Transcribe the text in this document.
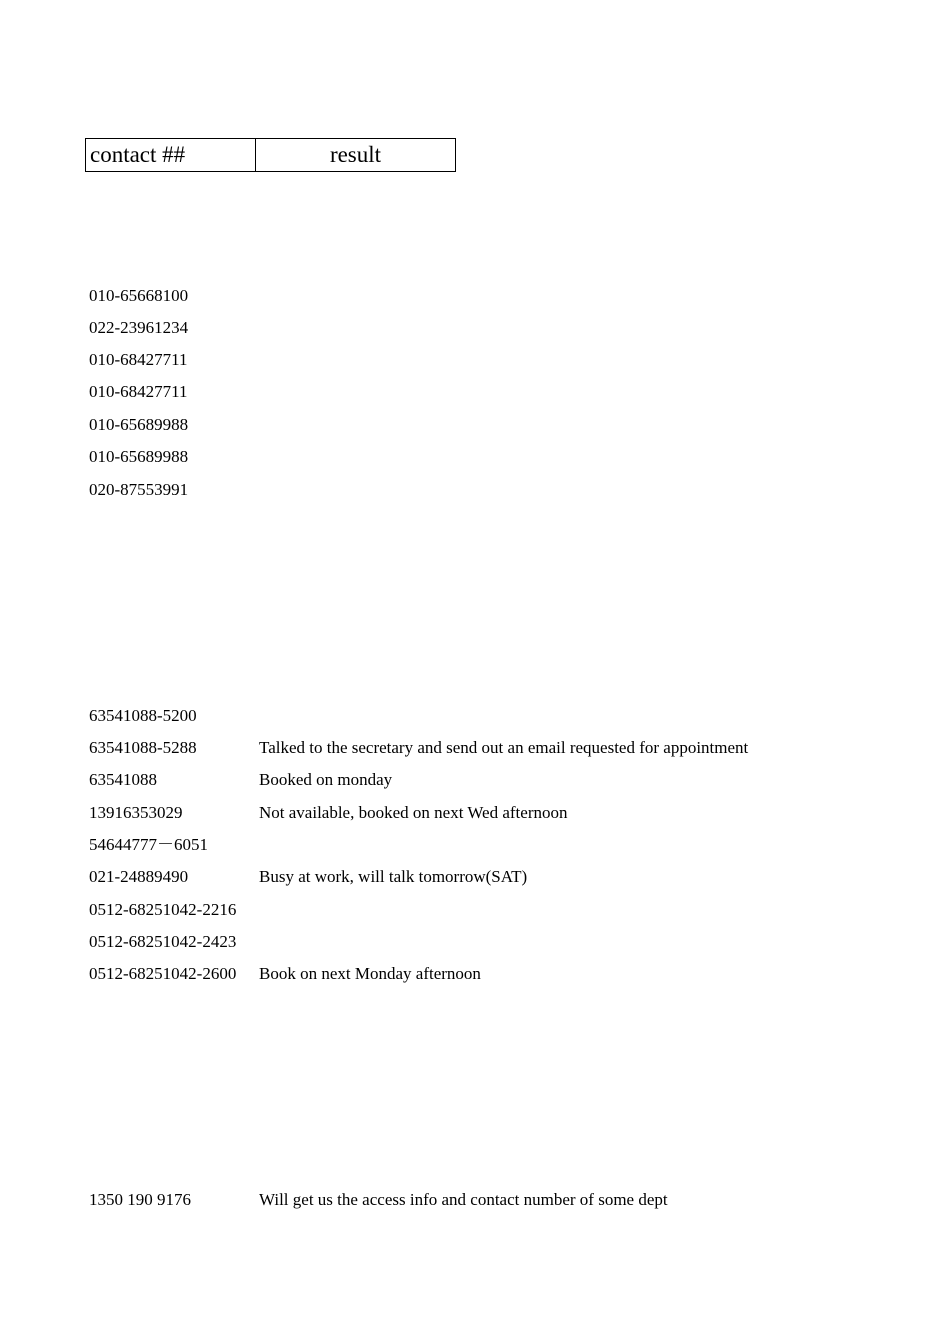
contact ##	result
010-65668100
022-23961234
010-68427711
010-68427711
010-65689988
010-65689988
020-87553991
63541088-5200
63541088-5288	Talked to the secretary and send out an email requested for appointment
63541088	Booked on monday
13916353029	Not available, booked on next Wed afternoon
54644777－6051
021-24889490	Busy at work, will talk tomorrow(SAT)
0512-68251042-2216
0512-68251042-2423
0512-68251042-2600 Book on next Monday afternoon
1350 190 9176	Will get us the access info and contact number of some dept
